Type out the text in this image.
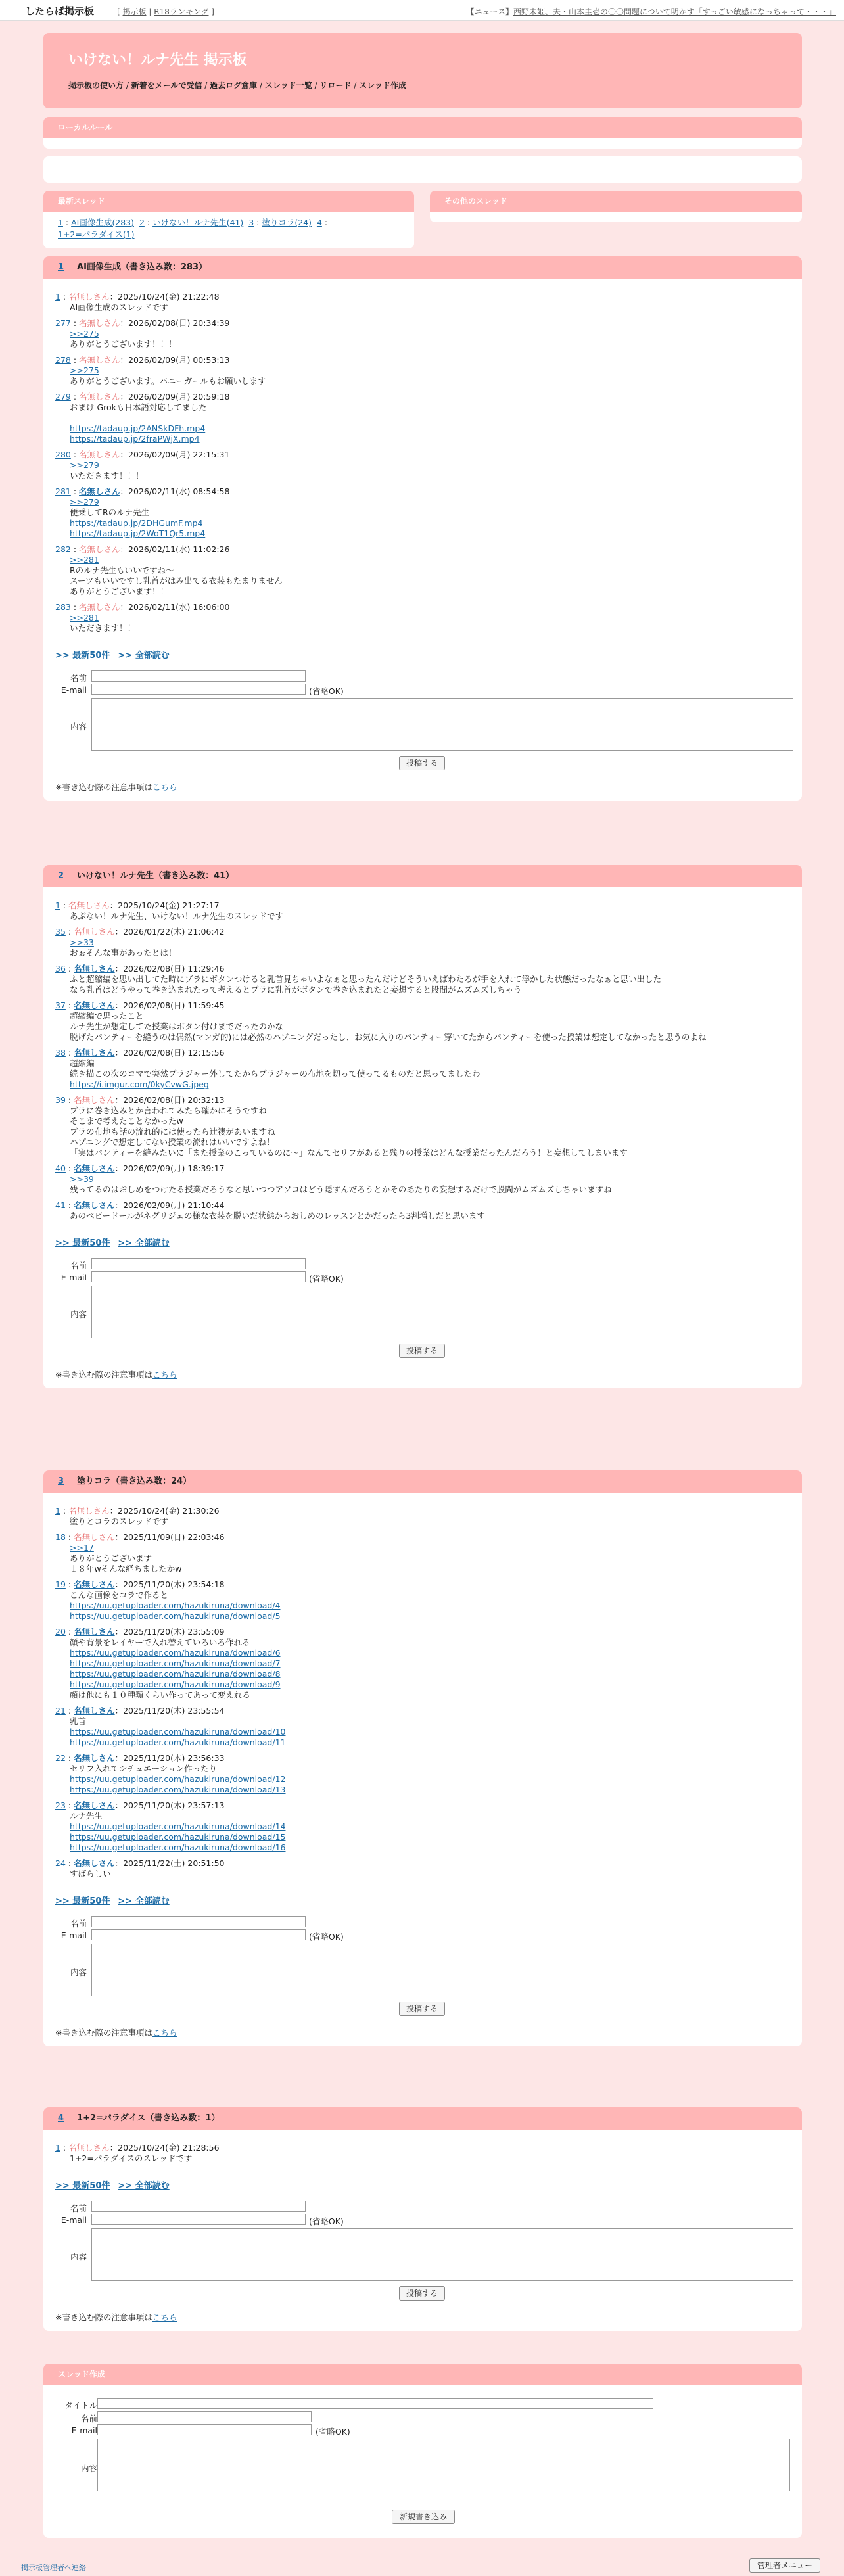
したらば掲示板	[ 掲示板 | R18ランキング ]	【ニュース】西野未姫、夫・山本圭壱の〇〇問題について明かす「すっごい敏感になっちゃって・・・」
いけない！ルナ先生 掲示板
掲示板の使い方 / 新着をメールで受信 / 過去ログ倉庫 / スレッド一覧 / リロード / スレッド作成
ローカルルール
最新スレッド
1 : AI画像生成(283) 2 : いけない！ルナ先生(41) 3 : 塗りコラ(24) 4 :
1+2=パラダイス(1)
その他のスレッド
1 AI画像生成（書き込み数：283）
1 : 名無しさん：2025/10/24(金) 21:22:48
AI画像生成のスレッドです
277 : 名無しさん：2026/02/08(日) 20:34:39
>>275
ありがとうございます！！！
278 : 名無しさん：2026/02/09(月) 00:53:13
>>275
ありがとうございます。バニーガールもお願いします
279 : 名無しさん：2026/02/09(月) 20:59:18
おまけ Grokも日本語対応してました
https://tadaup.jp/2ANSkDFh.mp4
https://tadaup.jp/2fraPWjX.mp4
280 : 名無しさん：2026/02/09(月) 22:15:31
>>279
いただきます！！！
281 : 名無しさん：2026/02/11(水) 08:54:58
>>279
便乗してRのルナ先生
https://tadaup.jp/2DHGumF.mp4
https://tadaup.jp/2WoT1Qr5.mp4
282 : 名無しさん：2026/02/11(水) 11:02:26
>>281
Rのルナ先生もいいですね～
スーツもいいですし乳首がはみ出てる衣装もたまりません
ありがとうございます！！
283 : 名無しさん：2026/02/11(水) 16:06:00
>>281
いただきます！！
>> 最新50件 >> 全部読む
名前
E-mail	(省略OK)
内容
投稿する
※書き込む際の注意事項はこちら
2 いけない！ルナ先生（書き込み数：41）
1 : 名無しさん：2025/10/24(金) 21:27:17
あぶない！ルナ先生、いけない！ルナ先生のスレッドです
35 : 名無しさん：2026/01/22(木) 21:06:42
>>33
おぉそんな事があったとは！
36 : 名無しさん：2026/02/08(日) 11:29:46
ふと超縮編を思い出してた時にブラにボタンつけると乳首見ちゃいよなぁと思ったんだけどそういえばわたるが手を入れて浮かした状態だったなぁと思い出した
なら乳首はどうやって巻き込まれたって考えるとブラに乳首がボタンで巻き込まれたと妄想すると股間がムズムズしちゃう
37 : 名無しさん：2026/02/08(日) 11:59:45
超縮編で思ったこと
ルナ先生が想定してた授業はボタン付けまでだったのかな
脱げたパンティーを縫うのは偶然(マンガ的)には必然のハプニングだったし、お気に入りのパンティー穿いてたからパンティーを使った授業は想定してなかったと思うのよね
38 : 名無しさん：2026/02/08(日) 12:15:56
超縮編
続き描この次のコマで突然ブラジャー外してたからブラジャーの布地を切って使ってるものだと思ってましたわ
https://i.imgur.com/0kyCvwG.jpeg
39 : 名無しさん：2026/02/08(日) 20:32:13
ブラに巻き込みとか言われてみたら確かにそうですね
そこまで考えたことなかったw
ブラの布地も話の流れ的には使ったら辻褄があいますね
ハプニングで想定してない授業の流れはいいですよね！
「実はパンティーを縫みたいに「また授業のこっているのに～」なんてセリフがあると残りの授業はどんな授業だったんだろう！と妄想してしまいます
40 : 名無しさん：2026/02/09(月) 18:39:17
>>39
残ってるのはおしめをつけたる授業だろうなと思いつつアソコはどう隠すんだろうとかそのあたりの妄想するだけで股間がムズムズしちゃいますね
41 : 名無しさん：2026/02/09(月) 21:10:44
あのベビードールがネグリジェの様な衣装を脱いだ状態からおしめのレッスンとかだったら3割増しだと思います
>> 最新50件 >> 全部読む
名前
E-mail	(省略OK)
内容
投稿する
※書き込む際の注意事項はこちら
3 塗りコラ（書き込み数：24）
1 : 名無しさん：2025/10/24(金) 21:30:26
塗りとコラのスレッドです
18 : 名無しさん：2025/11/09(日) 22:03:46
>>17
ありがとうございます
１８年wそんな経ちましたかw
19 : 名無しさん：2025/11/20(木) 23:54:18
こんな画像をコラで作ると
https://uu.getuploader.com/hazukiruna/download/4
https://uu.getuploader.com/hazukiruna/download/5
20 : 名無しさん：2025/11/20(木) 23:55:09
顔や背景をレイヤーで入れ替えていろいろ作れる
https://uu.getuploader.com/hazukiruna/download/6
https://uu.getuploader.com/hazukiruna/download/7
https://uu.getuploader.com/hazukiruna/download/8
https://uu.getuploader.com/hazukiruna/download/9
顔は他にも１０種類くらい作ってあって変えれる
21 : 名無しさん：2025/11/20(木) 23:55:54
乳首
https://uu.getuploader.com/hazukiruna/download/10
https://uu.getuploader.com/hazukiruna/download/11
22 : 名無しさん：2025/11/20(木) 23:56:33
セリフ入れてシチュエーション作ったり
https://uu.getuploader.com/hazukiruna/download/12
https://uu.getuploader.com/hazukiruna/download/13
23 : 名無しさん：2025/11/20(木) 23:57:13
ルナ先生
https://uu.getuploader.com/hazukiruna/download/14
https://uu.getuploader.com/hazukiruna/download/15
https://uu.getuploader.com/hazukiruna/download/16
24 : 名無しさん：2025/11/22(土) 20:51:50
すばらしい
>> 最新50件 >> 全部読む
名前
E-mail	(省略OK)
内容
投稿する
※書き込む際の注意事項はこちら
4 1+2=パラダイス（書き込み数：1）
1 : 名無しさん：2025/10/24(金) 21:28:56
1+2=パラダイスのスレッドです
>> 最新50件 >> 全部読む
名前
E-mail	(省略OK)
内容
投稿する
※書き込む際の注意事項はこちら
スレッド作成
タイトル
名前
E-mail	(省略OK)
内容
新規書き込み
掲示板管理者へ連絡	管理者メニュー
